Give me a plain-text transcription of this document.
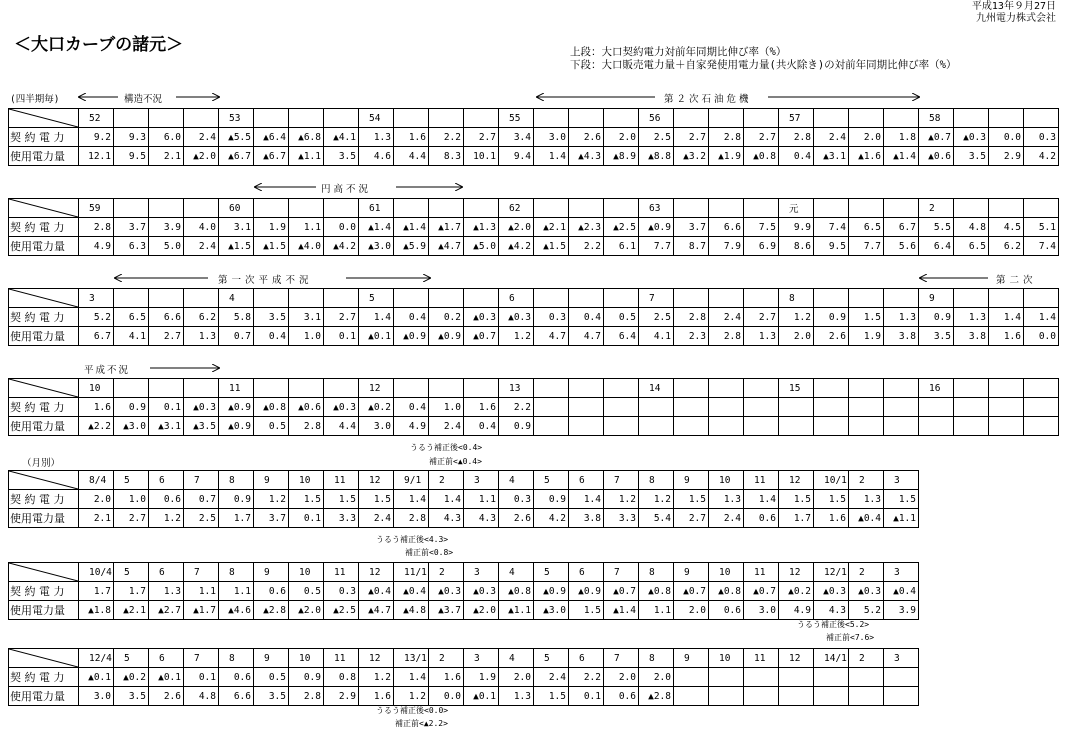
平成13年９月27日
九州電力株式会社
＜大口カーブの諸元＞	上段：大口契約電力対前年同期比伸び率（%）
下段：大口販売電力量＋自家発使用電力量(共火除き)の対前年同期比伸び率（%）
(四半期毎)	構造不況	第２次石油危機
円高不況
第一次平成不況	第二次
平成不況
（月別）
	52				53				54				55				56				57				58			
契 約 電 力	9.2	9.3	6.0	2.4	▲5.5	▲6.4	▲6.8	▲4.1	1.3	1.6	2.2	2.7	3.4	3.0	2.6	2.0	2.5	2.7	2.8	2.7	2.8	2.4	2.0	1.8	▲0.7	▲0.3	0.0	0.3
使用電力量	12.1	9.5	2.1	▲2.0	▲6.7	▲6.7	▲1.1	3.5	4.6	4.4	8.3	10.1	9.4	1.4	▲4.3	▲8.9	▲8.8	▲3.2	▲1.9	▲0.8	0.4	▲3.1	▲1.6	▲1.4	▲0.6	3.5	2.9	4.2
	59				60				61				62				63				元				2			
契 約 電 力	2.8	3.7	3.9	4.0	3.1	1.9	1.1	0.0	▲1.4	▲1.4	▲1.7	▲1.3	▲2.0	▲2.1	▲2.3	▲2.5	▲0.9	3.7	6.6	7.5	9.9	7.4	6.5	6.7	5.5	4.8	4.5	5.1
使用電力量	4.9	6.3	5.0	2.4	▲1.5	▲1.5	▲4.0	▲4.2	▲3.0	▲5.9	▲4.7	▲5.0	▲4.2	▲1.5	2.2	6.1	7.7	8.7	7.9	6.9	8.6	9.5	7.7	5.6	6.4	6.5	6.2	7.4
	3				4				5				6				7				8				9			
契 約 電 力	5.2	6.5	6.6	6.2	5.8	3.5	3.1	2.7	1.4	0.4	0.2	▲0.3	▲0.3	0.3	0.4	0.5	2.5	2.8	2.4	2.7	1.2	0.9	1.5	1.3	0.9	1.3	1.4	1.4
使用電力量	6.7	4.1	2.7	1.3	0.7	0.4	1.0	0.1	▲0.1	▲0.9	▲0.9	▲0.7	1.2	4.7	4.7	6.4	4.1	2.3	2.8	1.3	2.0	2.6	1.9	3.8	3.5	3.8	1.6	0.0
	10				11				12				13				14				15				16			
契 約 電 力	1.6	0.9	0.1	▲0.3	▲0.9	▲0.8	▲0.6	▲0.3	▲0.2	0.4	1.0	1.6	2.2															
使用電力量	▲2.2	▲3.0	▲3.1	▲3.5	▲0.9	0.5	2.8	4.4	3.0	4.9	2.4	0.4	0.9															
うるう補正後<0.4>
補正前<▲0.4>
	8/4	5	6	7	8	9	10	11	12	9/1	2	3	4	5	6	7	8	9	10	11	12	10/1	2	3
契 約 電 力	2.0	1.0	0.6	0.7	0.9	1.2	1.5	1.5	1.5	1.4	1.4	1.1	0.3	0.9	1.4	1.2	1.2	1.5	1.3	1.4	1.5	1.5	1.3	1.5
使用電力量	2.1	2.7	1.2	2.5	1.7	3.7	0.1	3.3	2.4	2.8	4.3	4.3	2.6	4.2	3.8	3.3	5.4	2.7	2.4	0.6	1.7	1.6	▲0.4	▲1.1
うるう補正後<4.3>
補正前<0.8>
	10/4	5	6	7	8	9	10	11	12	11/1	2	3	4	5	6	7	8	9	10	11	12	12/1	2	3
契 約 電 力	1.7	1.7	1.3	1.1	1.1	0.6	0.5	0.3	▲0.4	▲0.4	▲0.3	▲0.3	▲0.8	▲0.9	▲0.9	▲0.7	▲0.8	▲0.7	▲0.8	▲0.7	▲0.2	▲0.3	▲0.3	▲0.4
使用電力量	▲1.8	▲2.1	▲2.7	▲1.7	▲4.6	▲2.8	▲2.0	▲2.5	▲4.7	▲4.8	▲3.7	▲2.0	▲1.1	▲3.0	1.5	▲1.4	1.1	2.0	0.6	3.0	4.9	4.3	5.2	3.9
うるう補正後<5.2>
補正前<7.6>
	12/4	5	6	7	8	9	10	11	12	13/1	2	3	4	5	6	7	8	9	10	11	12	14/1	2	3
契 約 電 力	▲0.1	▲0.2	▲0.1	0.1	0.6	0.5	0.9	0.8	1.2	1.4	1.6	1.9	2.0	2.4	2.2	2.0	2.0							
使用電力量	3.0	3.5	2.6	4.8	6.6	3.5	2.8	2.9	1.6	1.2	0.0	▲0.1	1.3	1.5	0.1	0.6	▲2.8							
うるう補正後<0.0>
補正前<▲2.2>
